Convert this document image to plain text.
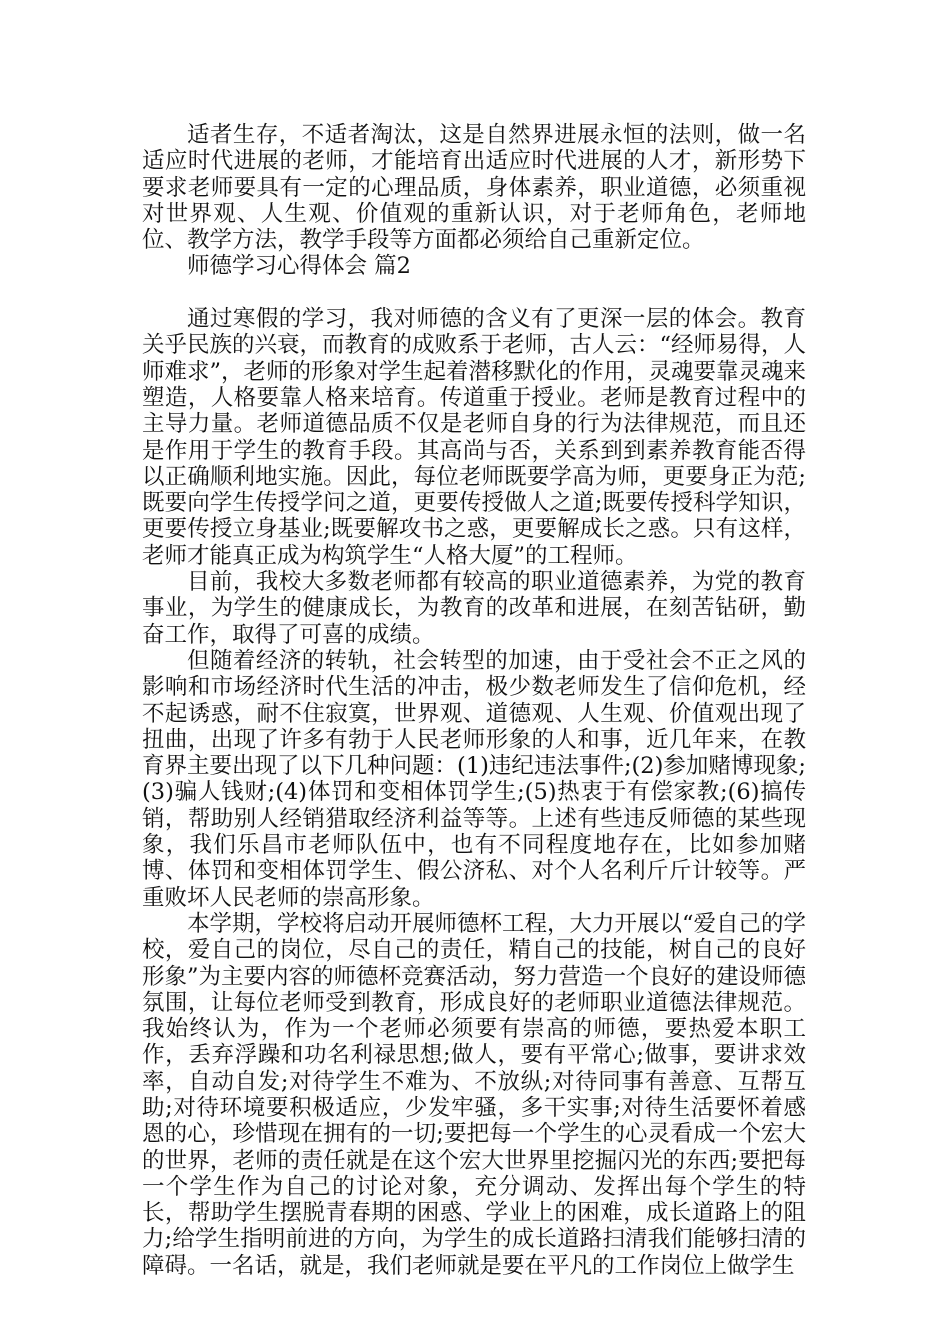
适者生存，不适者淘汰，这是自然界进展永恒的法则，做一名适应时代进展的老师，才能培育出适应时代进展的人才，新形势下要求老师要具有一定的心理品质，身体素养，职业道德，必须重视对世界观、人生观、价值观的重新认识，对于老师角色，老师地位、教学方法，教学手段等方面都必须给自己重新定位。

师德学习心得体会 篇2

通过寒假的学习，我对师德的含义有了更深一层的体会。教育关乎民族的兴衰，而教育的成败系于老师，古人云：“经师易得，人师难求”，老师的形象对学生起着潜移默化的作用，灵魂要靠灵魂来塑造，人格要靠人格来培育。传道重于授业。老师是教育过程中的主导力量。老师道德品质不仅是老师自身的行为法律规范，而且还是作用于学生的教育手段。其高尚与否，关系到到素养教育能否得以正确顺利地实施。因此，每位老师既要学高为师，更要身正为范;既要向学生传授学问之道，更要传授做人之道;既要传授科学知识，更要传授立身基业;既要解攻书之惑，更要解成长之惑。只有这样，老师才能真正成为构筑学生“人格大厦”的工程师。

目前，我校大多数老师都有较高的职业道德素养，为党的教育事业，为学生的健康成长，为教育的改革和进展，在刻苦钻研，勤奋工作，取得了可喜的成绩。

但随着经济的转轨，社会转型的加速，由于受社会不正之风的影响和市场经济时代生活的冲击，极少数老师发生了信仰危机，经不起诱惑，耐不住寂寞，世界观、道德观、人生观、价值观出现了扭曲，出现了许多有勃于人民老师形象的人和事，近几年来，在教育界主要出现了以下几种问题：(1)违纪违法事件;(2)参加赌博现象;(3)骗人钱财;(4)体罚和变相体罚学生;(5)热衷于有偿家教;(6)搞传销，帮助别人经销猎取经济利益等等。上述有些违反师德的某些现象，我们乐昌市老师队伍中，也有不同程度地存在，比如参加赌博、体罚和变相体罚学生、假公济私、对个人名利斤斤计较等。严重败坏人民老师的崇高形象。

本学期，学校将启动开展师德杯工程，大力开展以“爱自己的学校，爱自己的岗位，尽自己的责任，精自己的技能，树自己的良好形象”为主要内容的师德杯竞赛活动，努力营造一个良好的建设师德氛围，让每位老师受到教育，形成良好的老师职业道德法律规范。我始终认为，作为一个老师必须要有崇高的师德，要热爱本职工作，丢弃浮躁和功名利禄思想;做人，要有平常心;做事，要讲求效率，自动自发;对待学生不难为、不放纵;对待同事有善意、互帮互助;对待环境要积极适应，少发牢骚，多干实事;对待生活要怀着感恩的心，珍惜现在拥有的一切;要把每一个学生的心灵看成一个宏大的世界，老师的责任就是在这个宏大世界里挖掘闪光的东西;要把每一个学生作为自己的讨论对象，充分调动、发挥出每个学生的特长，帮助学生摆脱青春期的困惑、学业上的困难，成长道路上的阻力;给学生指明前进的方向，为学生的成长道路扫清我们能够扫清的障碍。一名话，就是，我们老师就是要在平凡的工作岗位上做学生
